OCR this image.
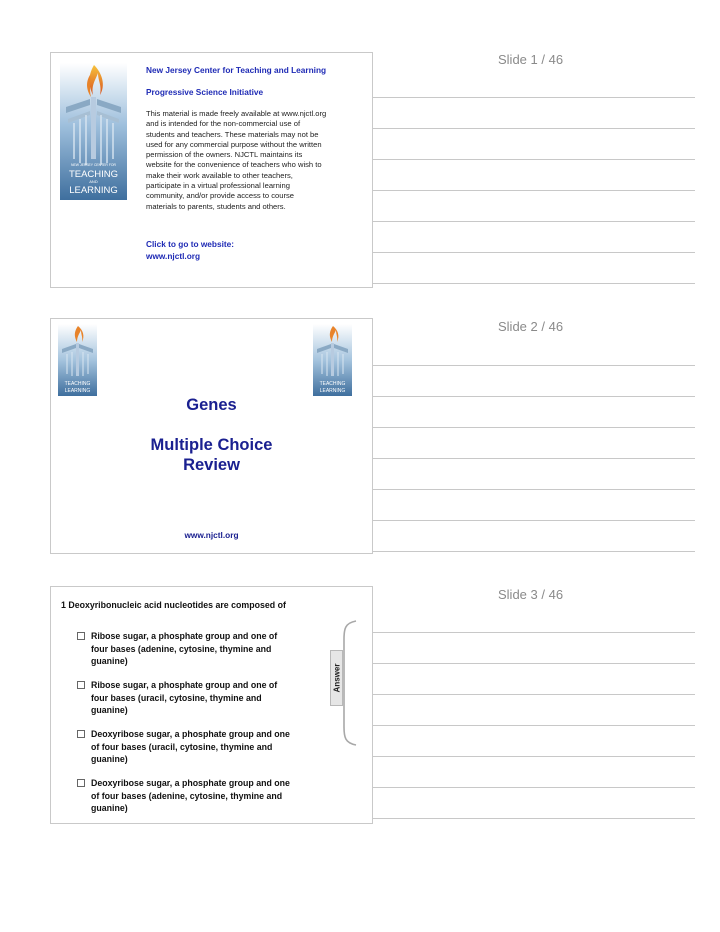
Slide 1 / 46
NEW JERSEY CENTER FOR
TEACHING
AND
LEARNING
New Jersey Center for Teaching and Learning
Progressive Science Initiative
This material is made freely available at www.njctl.org
and is intended for the non-commercial use of
students and teachers. These materials may not be
used for any commercial purpose without the written
permission of the owners. NJCTL maintains its
website for the convenience of teachers who wish to
make their work available to other teachers,
participate in a virtual professional learning
community, and/or provide access to course
materials to parents, students and others.
Click to go to website:
www.njctl.org
Slide 2 / 46
TEACHING
LEARNING
TEACHING
LEARNING
Genes
Multiple Choice
Review
www.njctl.org
Slide 3 / 46
1 Deoxyribonucleic acid nucleotides are composed of
Ribose sugar, a phosphate group and one of
four bases (adenine, cytosine, thymine and
guanine)
Ribose sugar, a phosphate group and one of
four bases (uracil, cytosine, thymine and
guanine)
Deoxyribose sugar, a phosphate group and one
of four bases (uracil, cytosine, thymine and
guanine)
Deoxyribose sugar, a phosphate group and one
of four bases (adenine, cytosine, thymine and
guanine)
Answer
